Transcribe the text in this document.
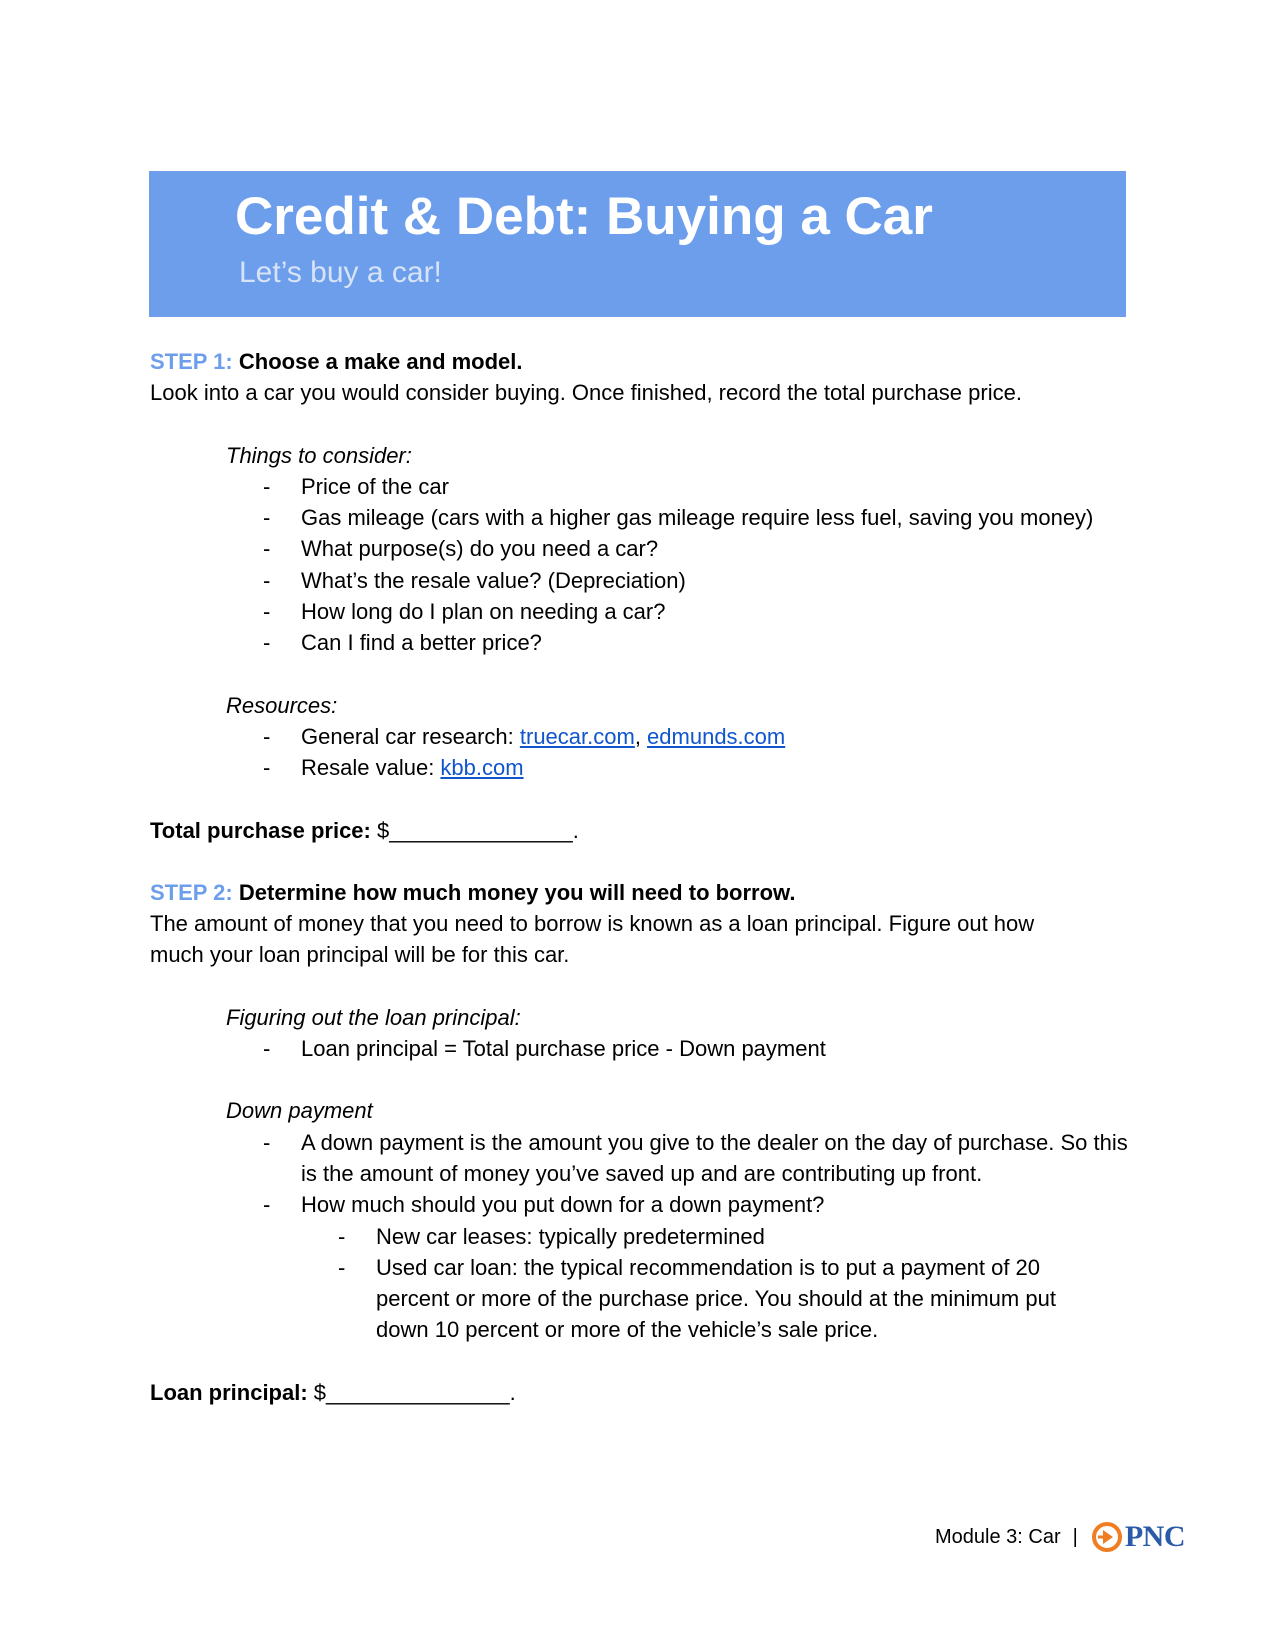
Credit & Debt: Buying a Car
Let’s buy a car!
STEP 1: Choose a make and model.

Look into a car you would consider buying. Once finished, record the total purchase price.

Things to consider:
- Price of the car
- Gas mileage (cars with a higher gas mileage require less fuel, saving you money)
- What purpose(s) do you need a car?
- What’s the resale value? (Depreciation)
- How long do I plan on needing a car?
- Can I find a better price?
Resources:
- General car research: truecar.com, edmunds.com
- Resale value: kbb.com
Total purchase price: $_______________.
STEP 2: Determine how much money you will need to borrow.

The amount of money that you need to borrow is known as a loan principal. Figure out how much your loan principal will be for this car.

Figuring out the loan principal:
- Loan principal = Total purchase price - Down payment
Down payment
- A down payment is the amount you give to the dealer on the day of purchase. So this is the amount of money you’ve saved up and are contributing up front.
- How much should you put down for a down payment?
- New car leases: typically predetermined
- Used car loan: the typical recommendation is to put a payment of 20 percent or more of the purchase price. You should at the minimum put down 10 percent or more of the vehicle’s sale price.
Loan principal: $_______________.
Module 3: Car | PNC
